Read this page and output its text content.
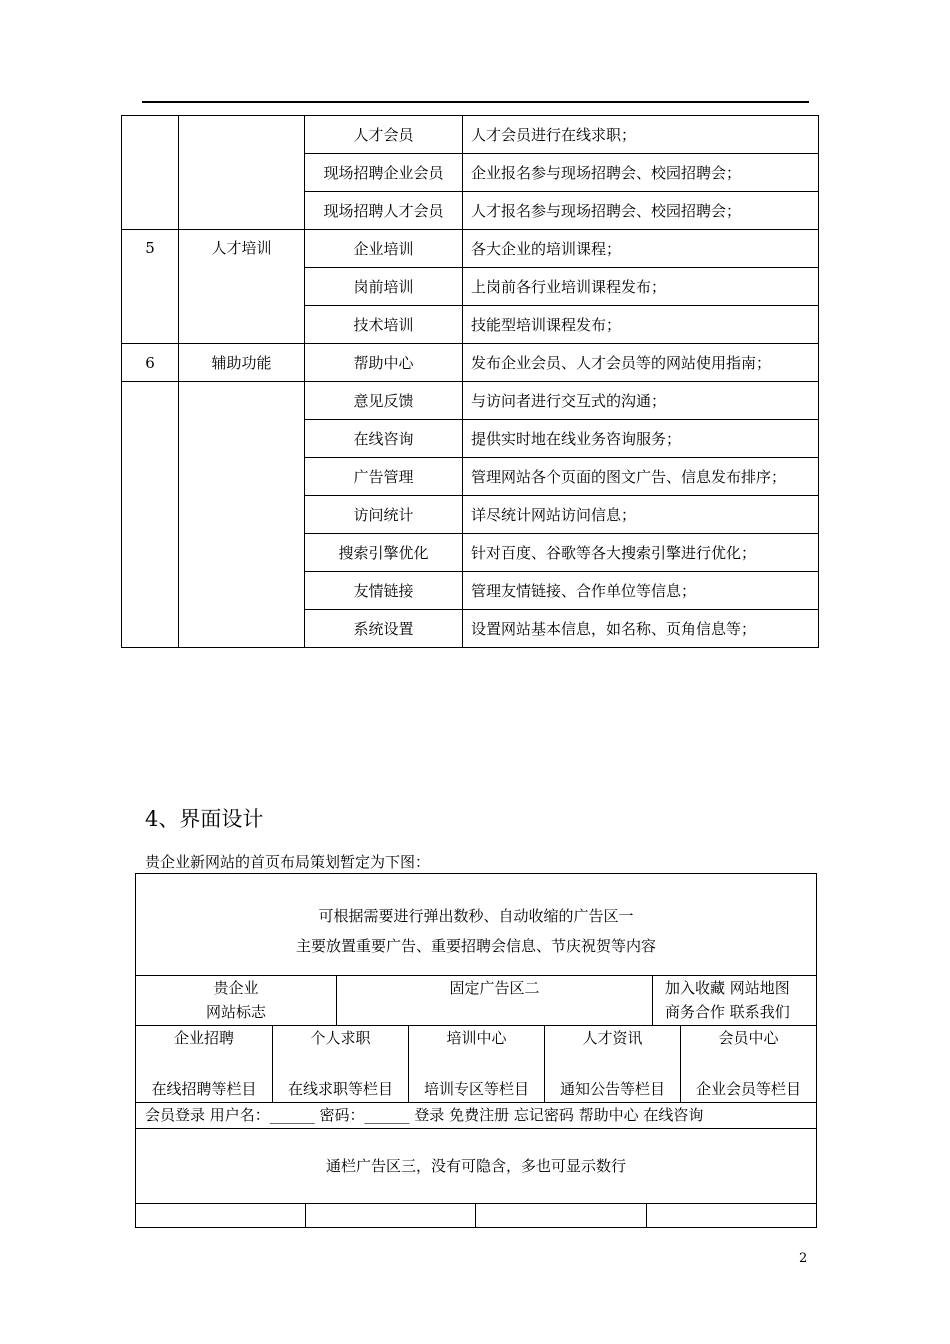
		人才会员	人才会员进行在线求职；
		现场招聘企业会员	企业报名参与现场招聘会、校园招聘会；
		现场招聘人才会员	人才报名参与现场招聘会、校园招聘会；
5	人才培训	企业培训	各大企业的培训课程；
		岗前培训	上岗前各行业培训课程发布；
		技术培训	技能型培训课程发布；
6	辅助功能	帮助中心	发布企业会员、人才会员等的网站使用指南；
		意见反馈	与访问者进行交互式的沟通；
		在线咨询	提供实时地在线业务咨询服务；
		广告管理	管理网站各个页面的图文广告、信息发布排序；
		访问统计	详尽统计网站访问信息；
		搜索引擎优化	针对百度、谷歌等各大搜索引擎进行优化；
		友情链接	管理友情链接、合作单位等信息；
		系统设置	设置网站基本信息，如名称、页角信息等；
4、界面设计
贵企业新网站的首页布局策划暂定为下图：
可根据需要进行弹出数秒、自动收缩的广告区一
主要放置重要广告、重要招聘会信息、节庆祝贺等内容
贵企业
网站标志
固定广告区二	加入收藏 网站地图
商务合作 联系我们
企业招聘	个人求职	培训中心	人才资讯	会员中心
在线招聘等栏目	在线求职等栏目	培训专区等栏目	通知公告等栏目	企业会员等栏目
会员登录 用户名：______ 密码：______ 登录 免费注册 忘记密码 帮助中心 在线咨询
通栏广告区三，没有可隐含，多也可显示数行
2
